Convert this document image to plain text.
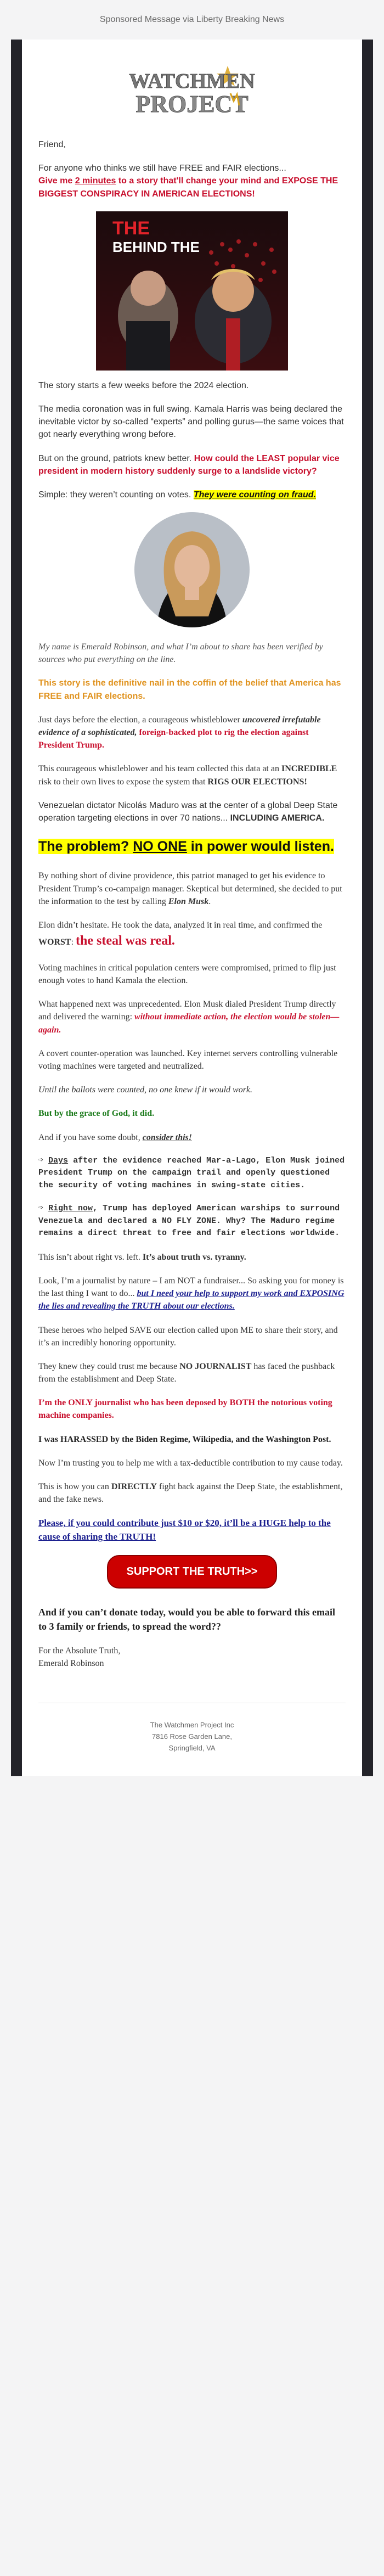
Sponsored Message via Liberty Breaking News
WATCHMEN
PROJECT

Friend,

For anyone who thinks we still have FREE and FAIR elections...
Give me 2 minutes to a story that'll change your mind and EXPOSE THE BIGGEST CONSPIRACY IN AMERICAN ELECTIONS!

THE
BEHIND THE

The story starts a few weeks before the 2024 election.

The media coronation was in full swing. Kamala Harris was being declared the inevitable victor by so-called “experts” and polling gurus—the same voices that got nearly everything wrong before.

But on the ground, patriots knew better. How could the LEAST popular vice president in modern history suddenly surge to a landslide victory?

Simple: they weren’t counting on votes. They were counting on fraud.

My name is Emerald Robinson, and what I’m about to share has been verified by sources who put everything on the line.

This story is the definitive nail in the coffin of the belief that America has FREE and FAIR elections.

Just days before the election, a courageous whistleblower uncovered irrefutable evidence of a sophisticated, foreign-backed plot to rig the election against President Trump.

This courageous whistleblower and his team collected this data at an INCREDIBLE risk to their own lives to expose the system that RIGS OUR ELECTIONS!

Venezuelan dictator Nicolás Maduro was at the center of a global Deep State operation targeting elections in over 70 nations... INCLUDING AMERICA.

The problem? NO ONE in power would listen.

By nothing short of divine providence, this patriot managed to get his evidence to President Trump’s co-campaign manager. Skeptical but determined, she decided to put the information to the test by calling Elon Musk.

Elon didn’t hesitate. He took the data, analyzed it in real time, and confirmed the WORST: the steal was real.

Voting machines in critical population centers were compromised, primed to flip just enough votes to hand Kamala the election.

What happened next was unprecedented. Elon Musk dialed President Trump directly and delivered the warning: without immediate action, the election would be stolen—again.

A covert counter-operation was launched. Key internet servers controlling vulnerable voting machines were targeted and neutralized.

Until the ballots were counted, no one knew if it would work.

But by the grace of God, it did.

And if you have some doubt, consider this!

➩ Days after the evidence reached Mar-a-Lago, Elon Musk joined President Trump on the campaign trail and openly questioned the security of voting machines in swing-state cities.

➩ Right now, Trump has deployed American warships to surround Venezuela and declared a NO FLY ZONE. Why? The Maduro regime remains a direct threat to free and fair elections worldwide.

This isn’t about right vs. left. It’s about truth vs. tyranny.

Look, I’m a journalist by nature – I am NOT a fundraiser... So asking you for money is the last thing I want to do... but I need your help to support my work and EXPOSING the lies and revealing the TRUTH about our elections.

These heroes who helped SAVE our election called upon ME to share their story, and it’s an incredibly honoring opportunity.

They knew they could trust me because NO JOURNALIST has faced the pushback from the establishment and Deep State.

I’m the ONLY journalist who has been deposed by BOTH the notorious voting machine companies.

I was HARASSED by the Biden Regime, Wikipedia, and the Washington Post.

Now I’m trusting you to help me with a tax-deductible contribution to my cause today.

This is how you can DIRECTLY fight back against the Deep State, the establishment, and the fake news.

Please, if you could contribute just $10 or $20, it’ll be a HUGE help to the cause of sharing the TRUTH!

SUPPORT THE TRUTH>>

And if you can’t donate today, would you be able to forward this email to 3 family or friends, to spread the word??

For the Absolute Truth,
Emerald Robinson

The Watchmen Project Inc
7816 Rose Garden Lane,
Springfield, VA
